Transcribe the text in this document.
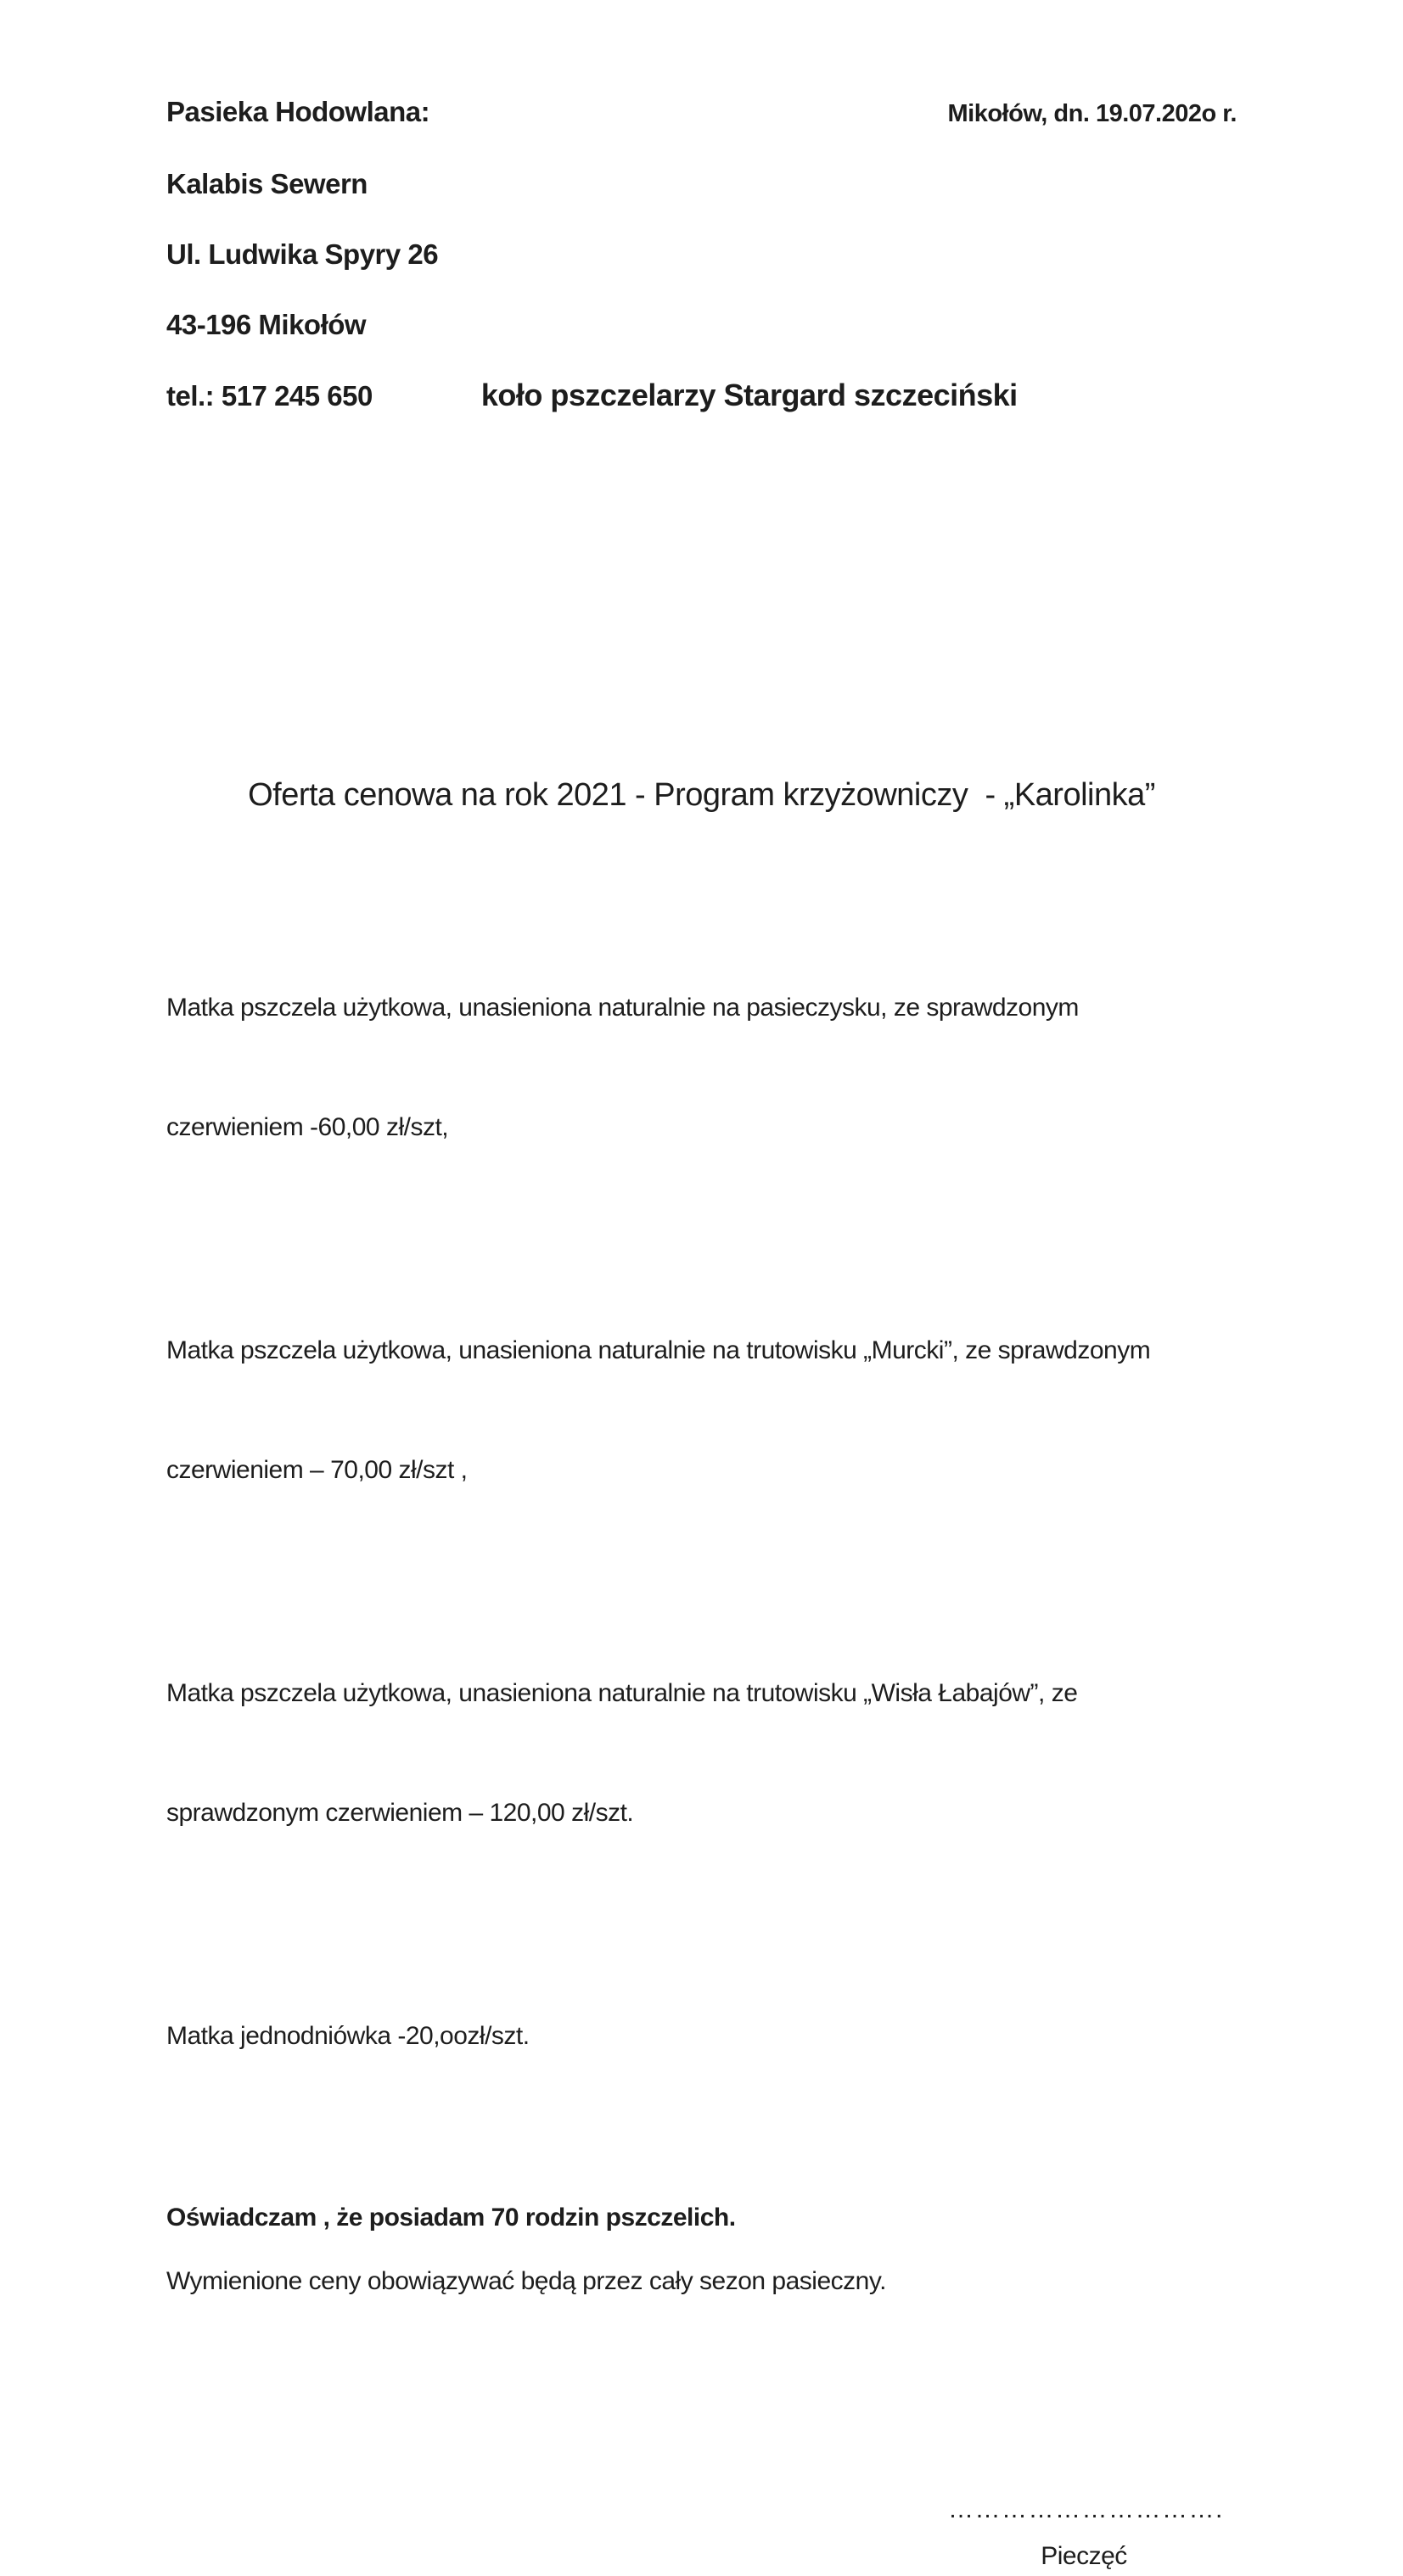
Pasieka Hodowlana:	Mikołów, dn. 19.07.202o r.
Kalabis Sewern
Ul. Ludwika Spyry 26
43-196 Mikołów
tel.: 517 245 650	koło pszczelarzy Stargard szczeciński
Oferta cenowa na rok 2021 - Program krzyżowniczy  - „Karolinka”

Matka pszczela użytkowa, unasieniona naturalnie na pasieczysku, ze sprawdzonym

czerwieniem -60,00 zł/szt,

Matka pszczela użytkowa, unasieniona naturalnie na trutowisku „Murcki”, ze sprawdzonym

czerwieniem – 70,00 zł/szt ,

Matka pszczela użytkowa, unasieniona naturalnie na trutowisku „Wisła Łabajów”, ze

sprawdzonym czerwieniem – 120,00 zł/szt.

Matka jednodniówka -20,oozł/szt.

Oświadczam , że posiadam 70 rodzin pszczelich.

Wymienione ceny obowiązywać będą przez cały sezon pasieczny.

………………………….
Pieczęć
